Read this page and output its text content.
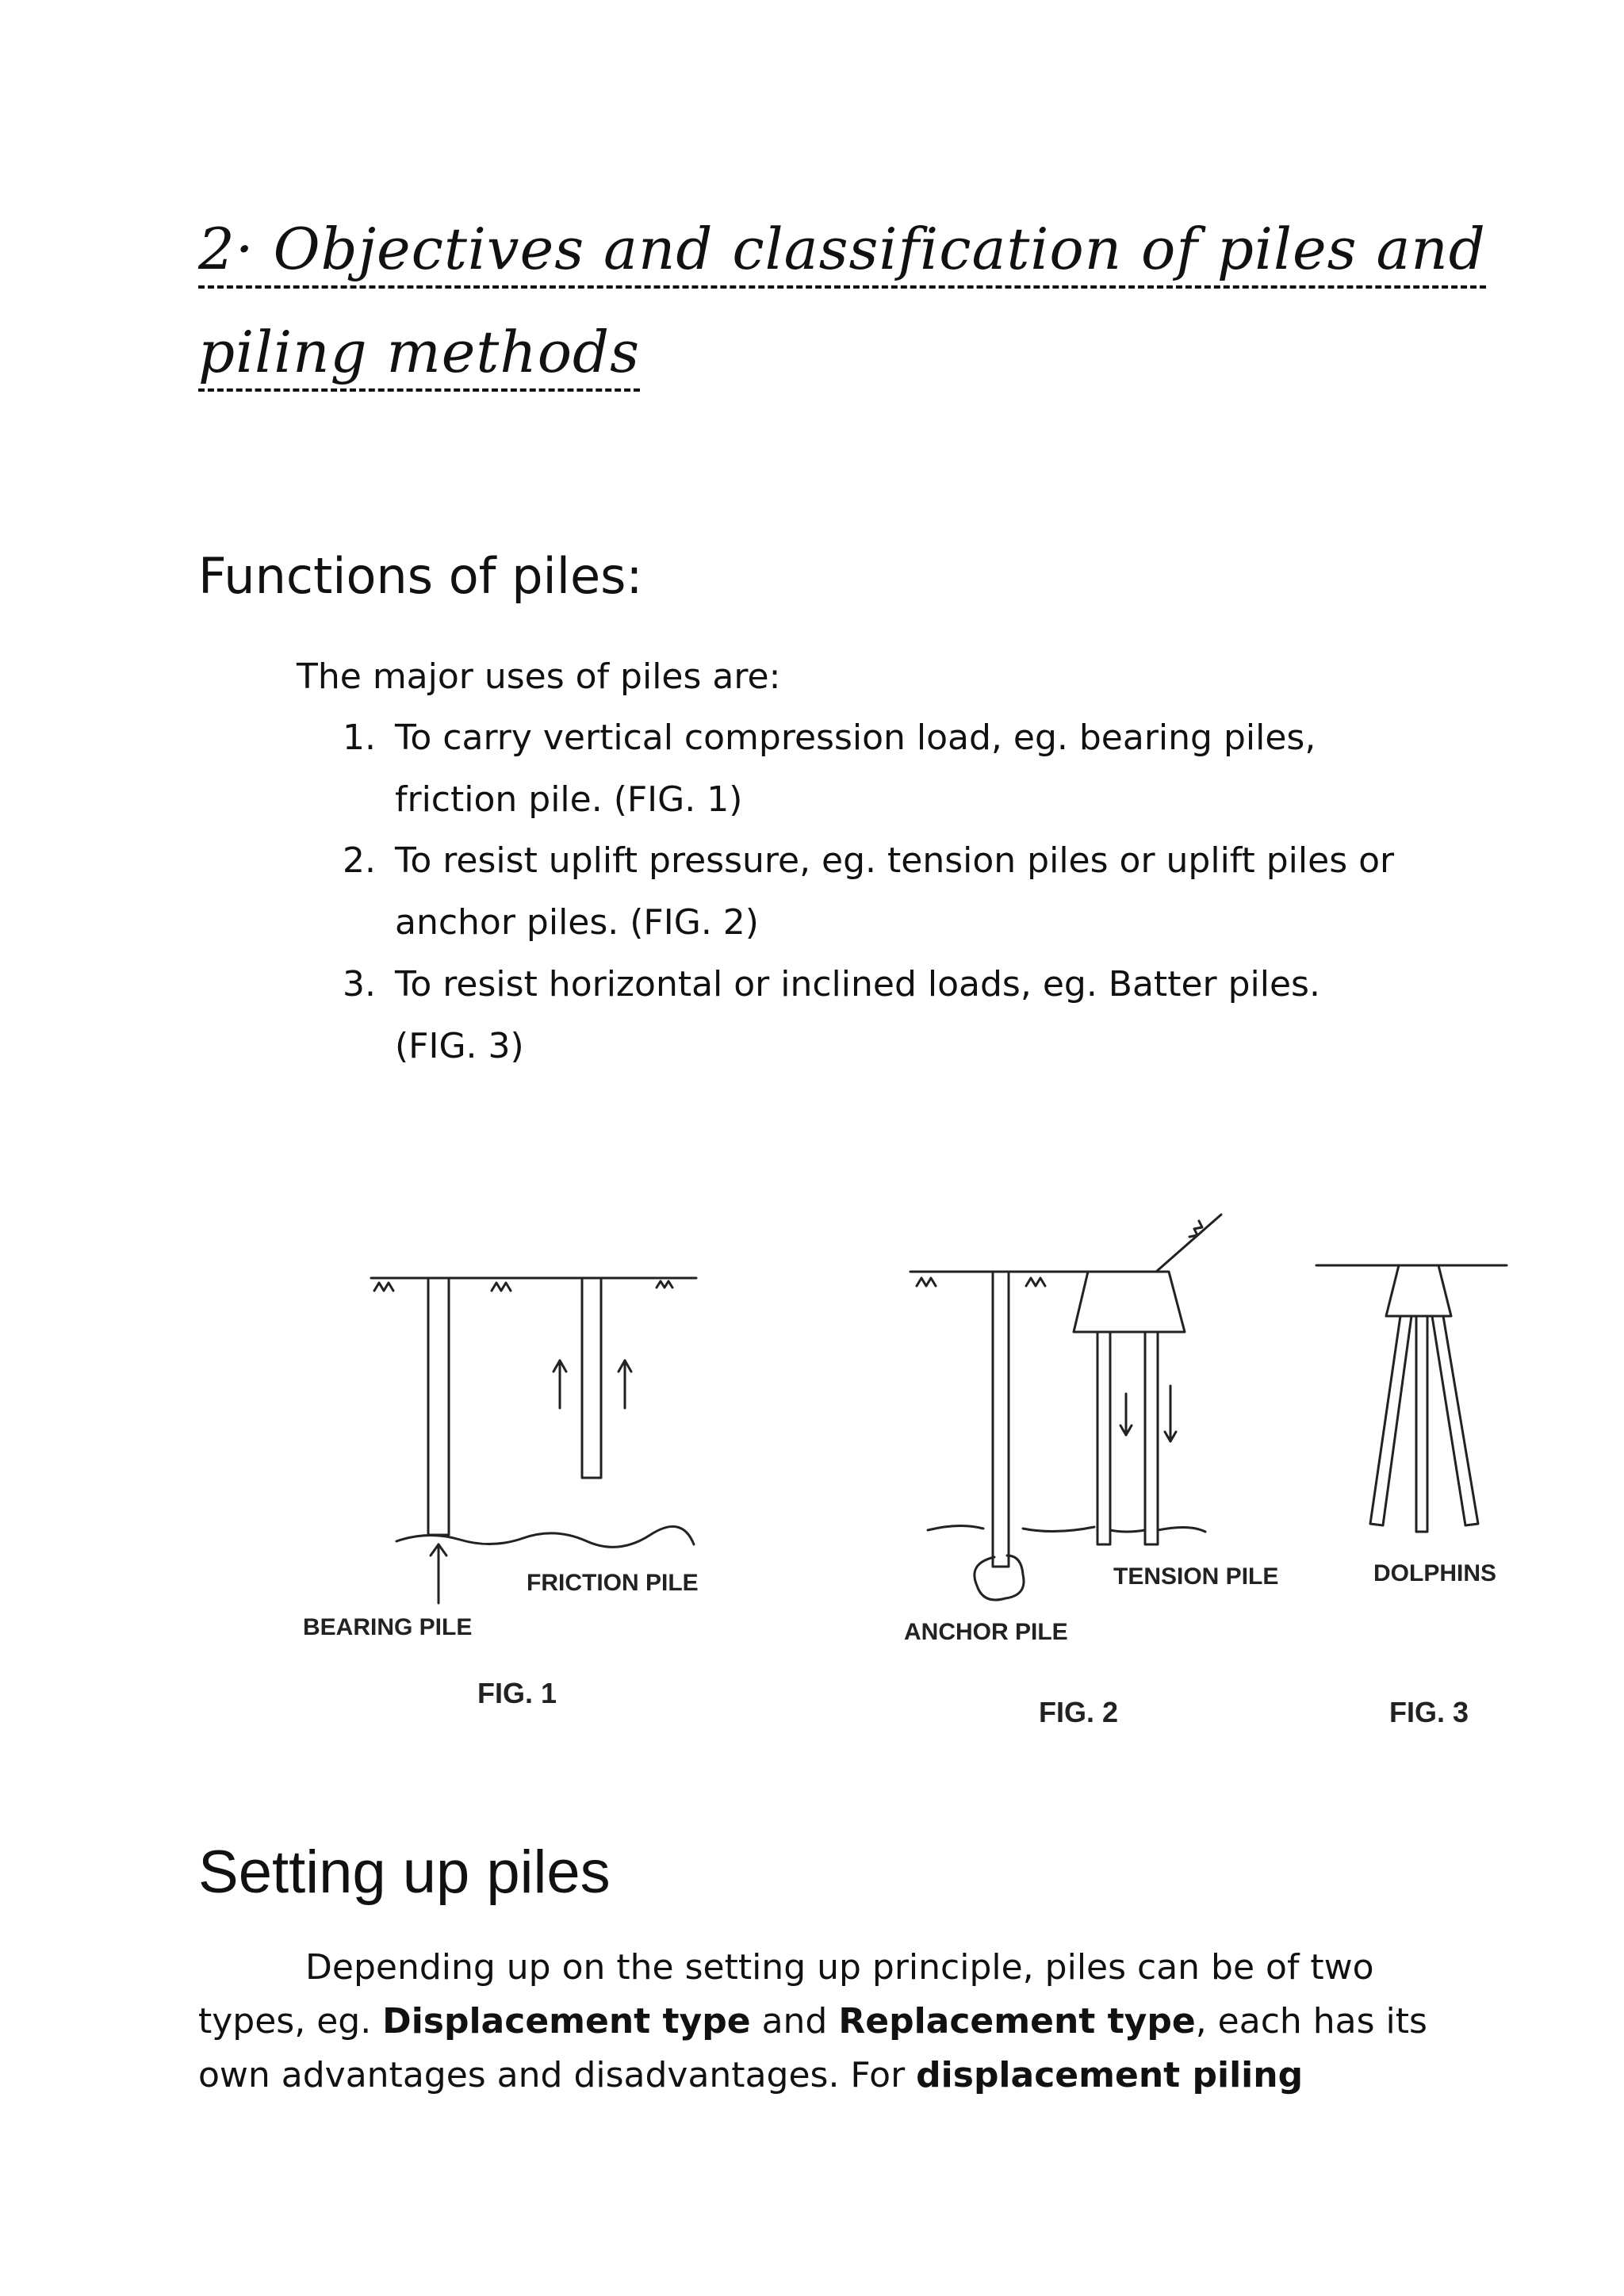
2· Objectives and classification of piles and
piling methods
Functions of piles:
The major uses of piles are:
1. To carry vertical compression load, eg. bearing piles,
friction pile. (FIG. 1)
2. To resist uplift pressure, eg. tension piles or uplift piles or
anchor piles. (FIG. 2)
3. To resist horizontal or inclined loads, eg. Batter piles.
(FIG. 3)
BEARING PILE
FRICTION PILE
FIG. 1
ANCHOR PILE
TENSION PILE
FIG. 2
DOLPHINS
FIG. 3
Setting up piles
Depending up on the setting up principle, piles can be of two
types, eg. Displacement type and Replacement type, each has its
own advantages and disadvantages. For displacement piling
